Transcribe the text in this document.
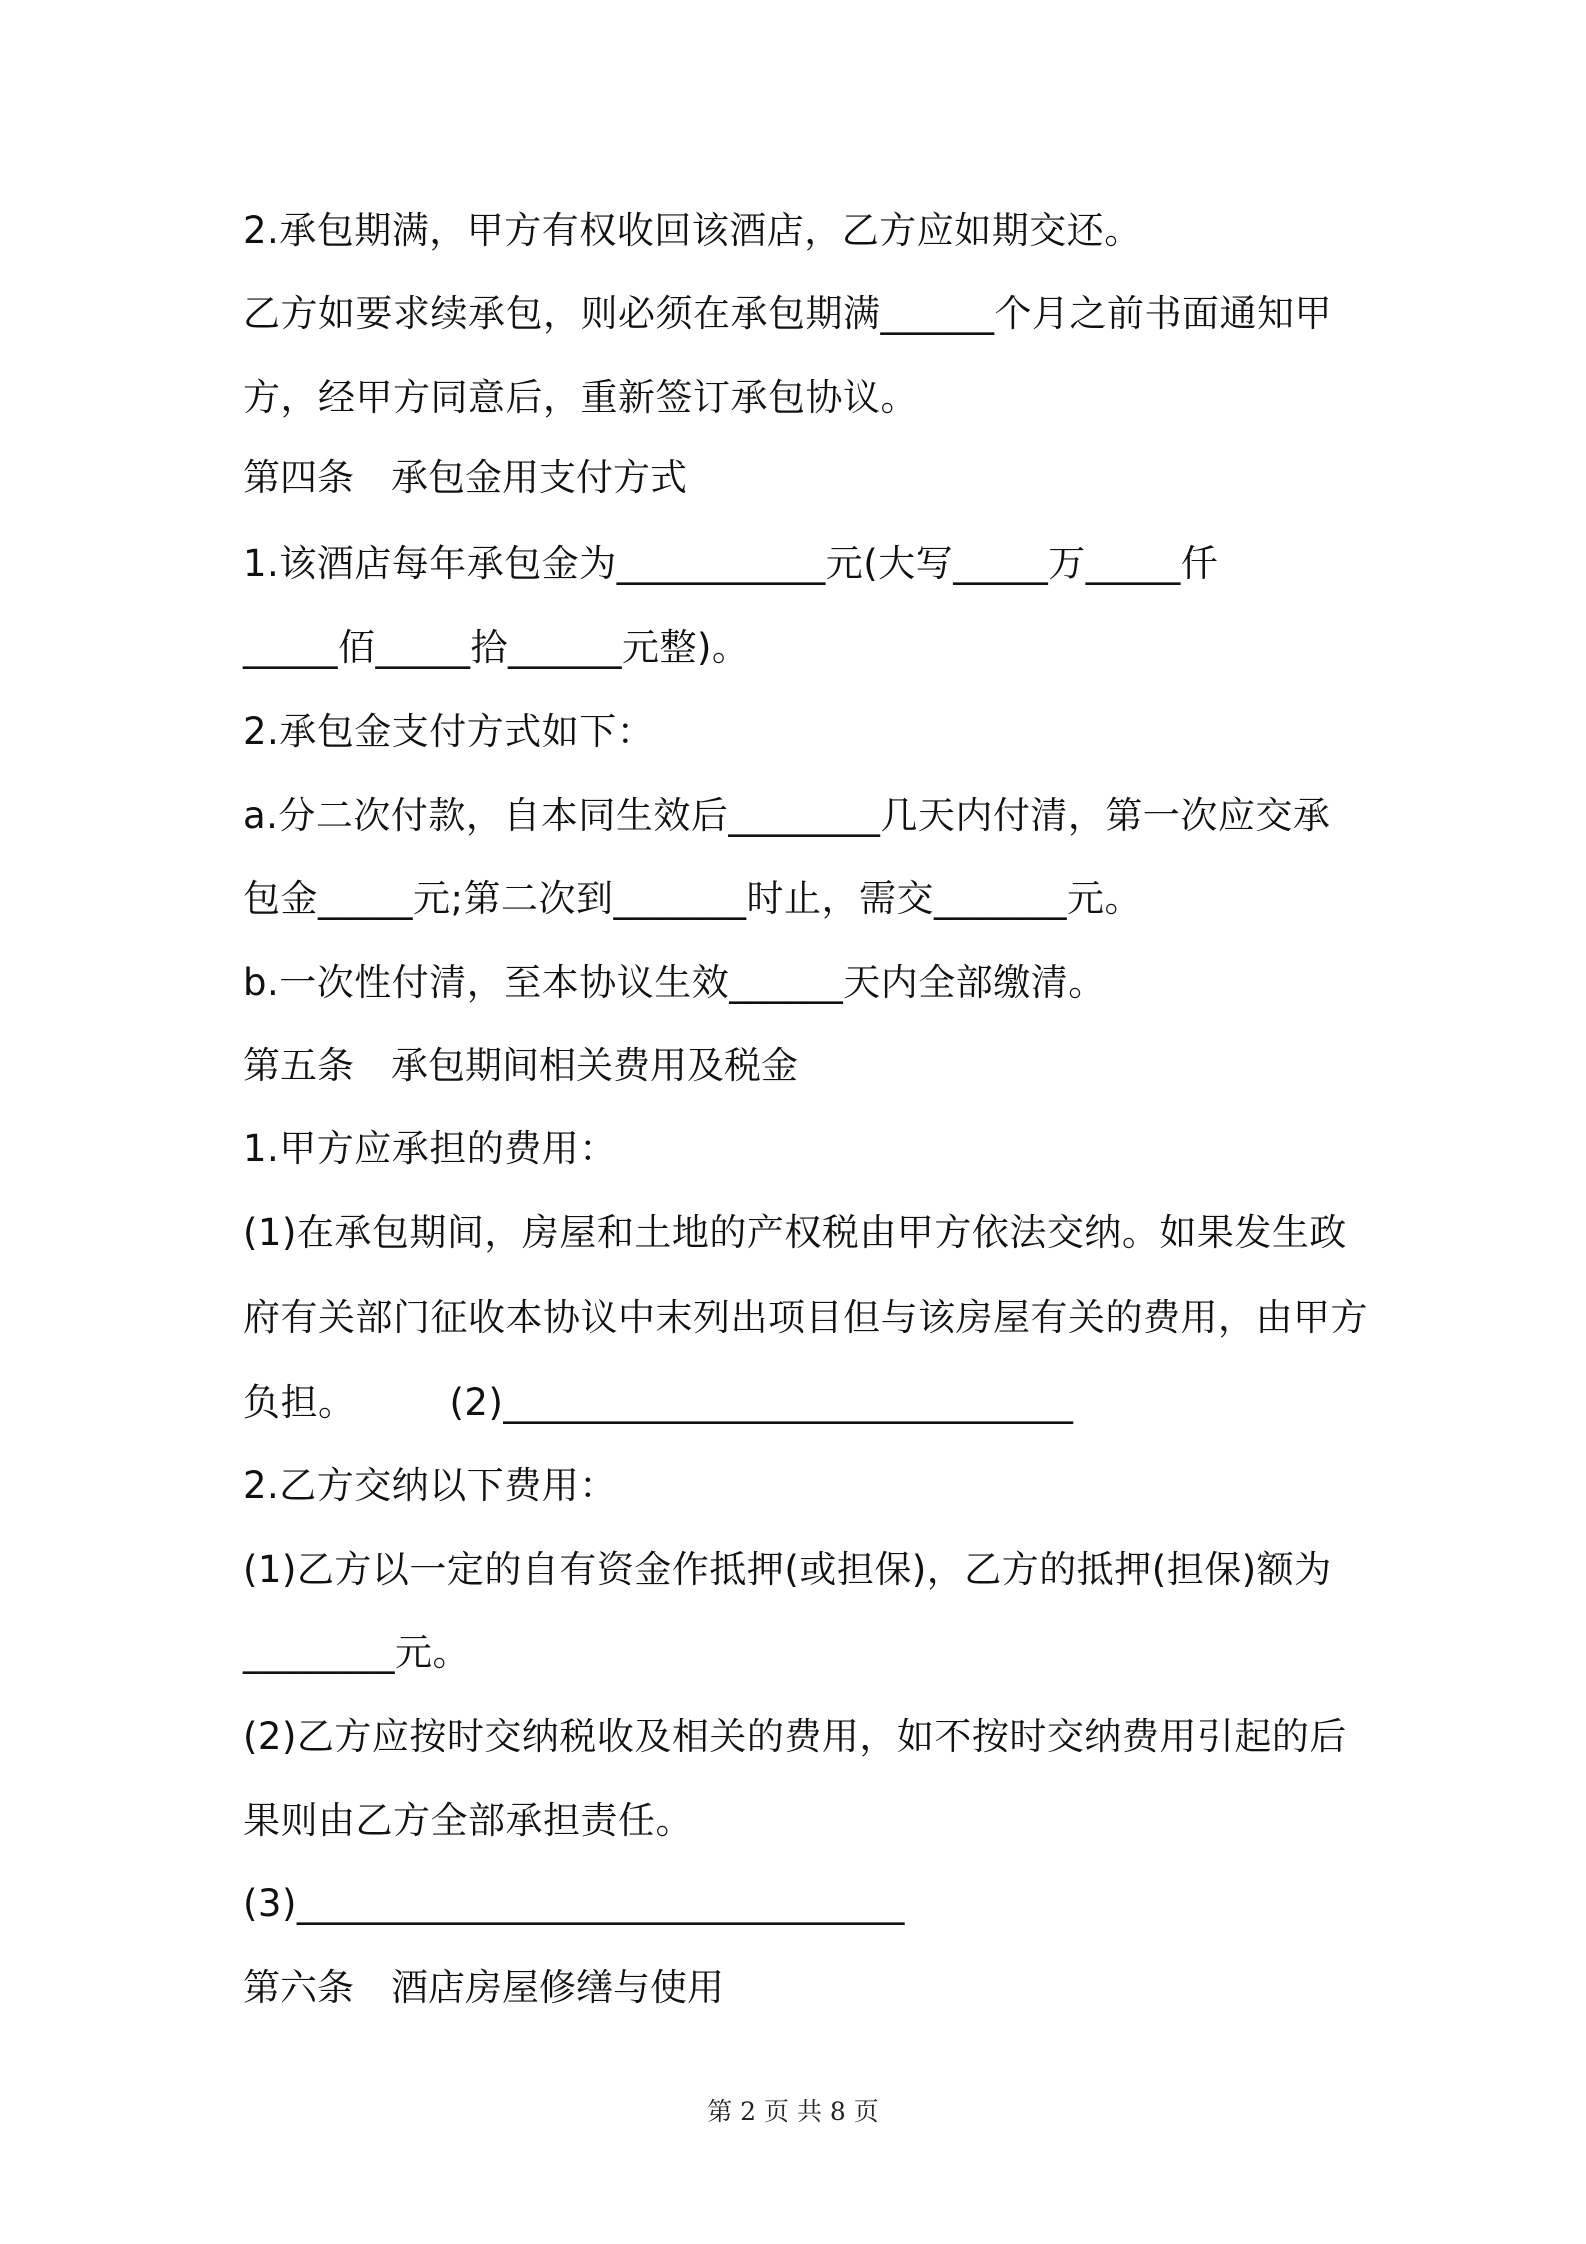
2.承包期满，甲方有权收回该酒店，乙方应如期交还。
乙方如要求续承包，则必须在承包期满______个月之前书面通知甲
方，经甲方同意后，重新签订承包协议。
第四条　承包金用支付方式
1.该酒店每年承包金为___________元(大写_____万_____仟
_____佰_____拾______元整)。
2.承包金支付方式如下：
a.分二次付款，自本同生效后________几天内付清，第一次应交承
包金_____元;第二次到_______时止，需交_______元。
b.一次性付清，至本协议生效______天内全部缴清。
第五条　承包期间相关费用及税金
1.甲方应承担的费用：
(1)在承包期间，房屋和土地的产权税由甲方依法交纳。如果发生政
府有关部门征收本协议中末列出项目但与该房屋有关的费用，由甲方
负担。　　　(2)______________________________
2.乙方交纳以下费用：
(1)乙方以一定的自有资金作抵押(或担保)，乙方的抵押(担保)额为
________元。
(2)乙方应按时交纳税收及相关的费用，如不按时交纳费用引起的后
果则由乙方全部承担责任。
(3)________________________________
第六条　酒店房屋修缮与使用
第 2 页 共 8 页
